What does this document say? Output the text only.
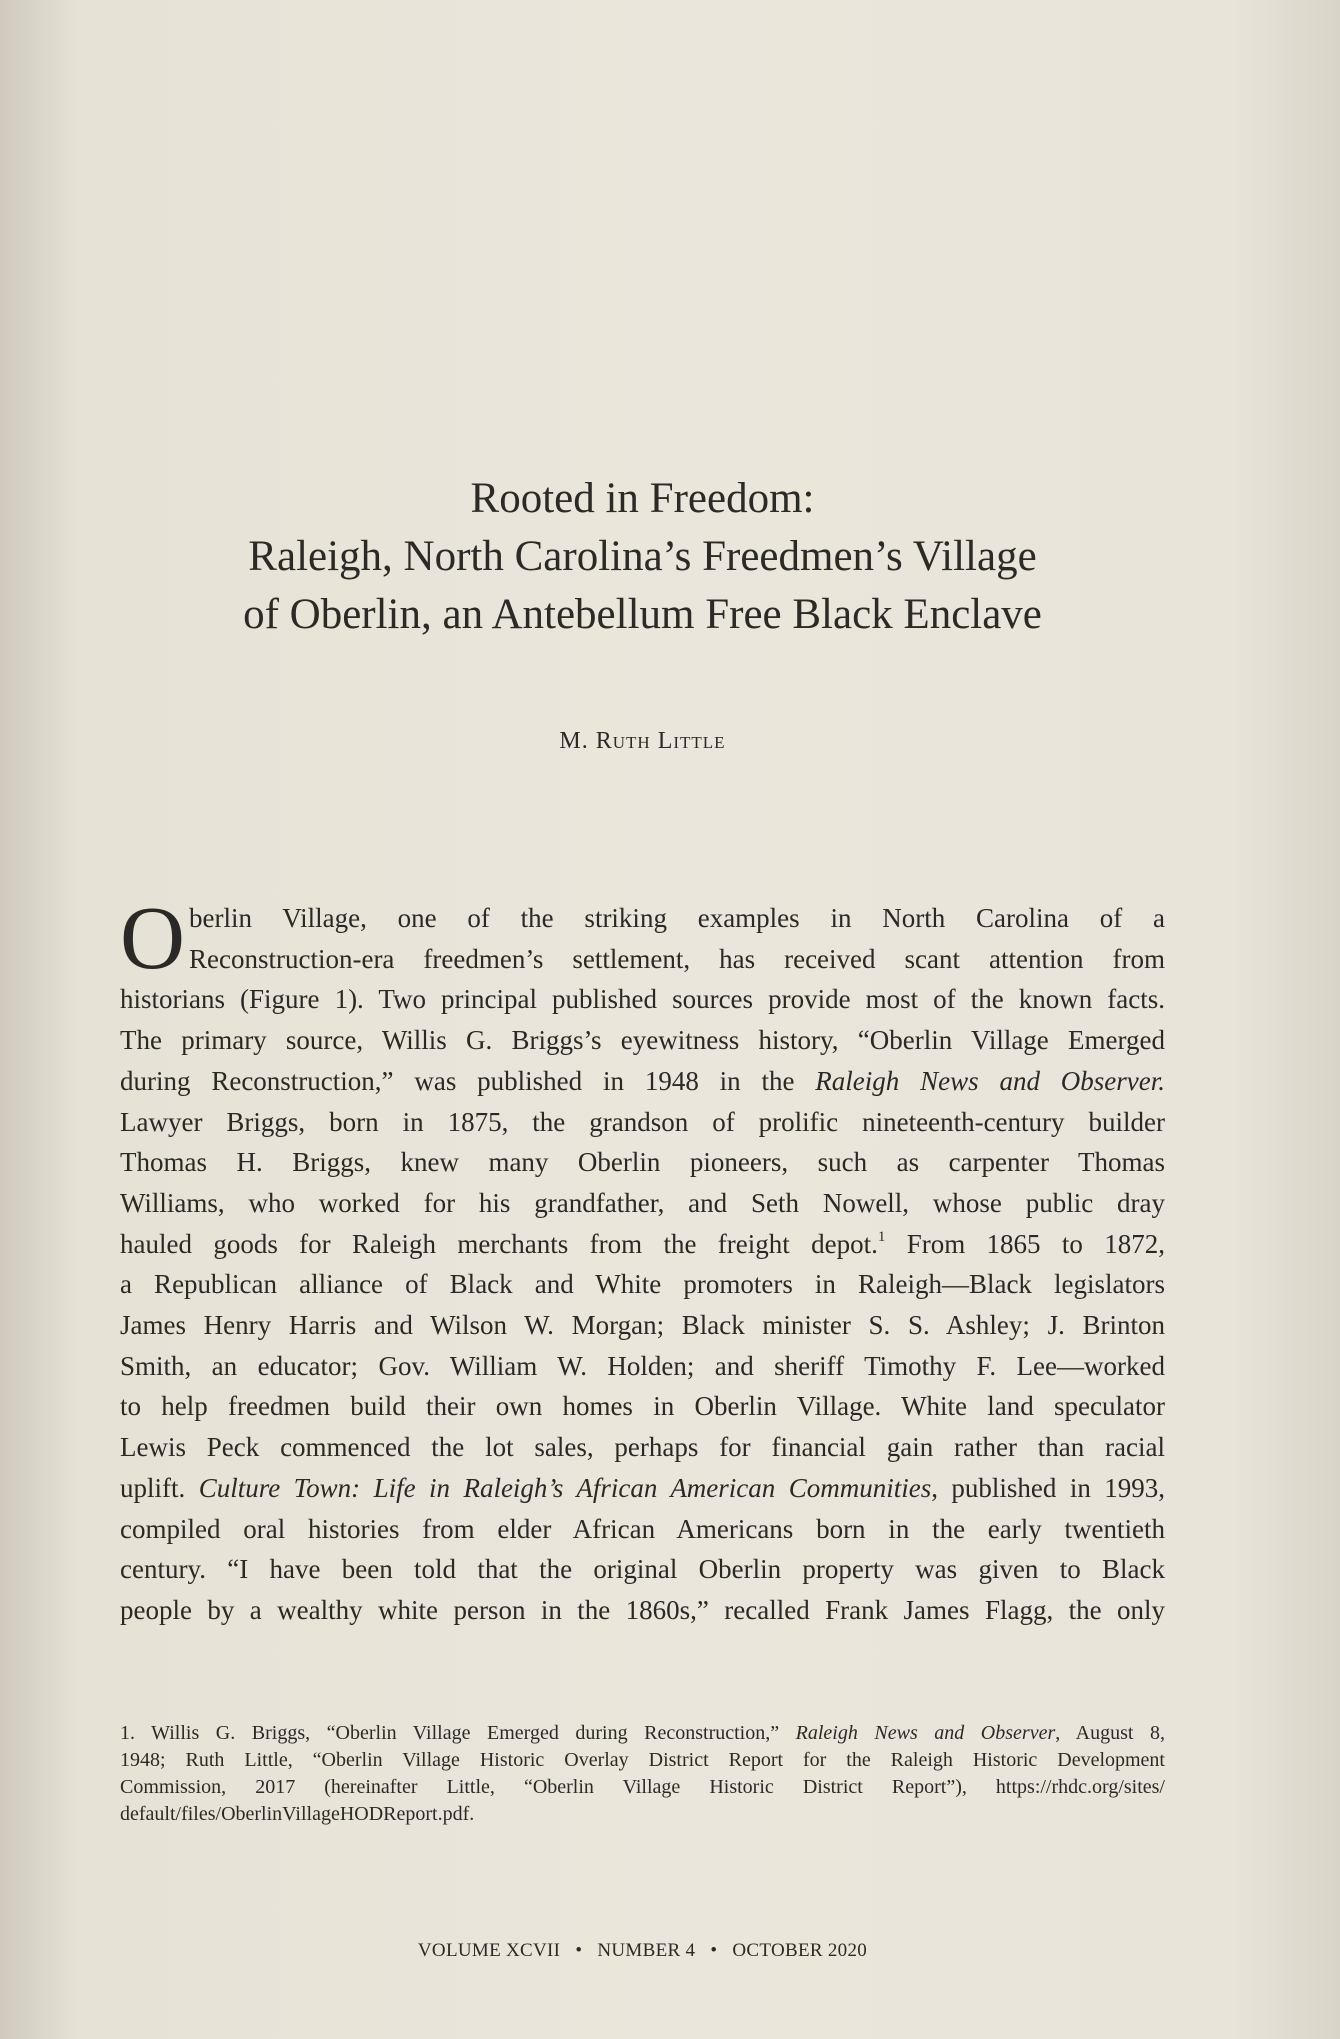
Rooted in Freedom:
Raleigh, North Carolina’s Freedmen’s Village
of Oberlin, an Antebellum Free Black Enclave
M. Ruth Little
O berlin Village, one of the striking examples in North Carolina of a
Reconstruction-era freedmen’s settlement, has received scant attention from
historians (Figure 1). Two principal published sources provide most of the known facts.
The primary source, Willis G. Briggs’s eyewitness history, “Oberlin Village Emerged
during Reconstruction,” was published in 1948 in the Raleigh News and Observer.
Lawyer Briggs, born in 1875, the grandson of prolific nineteenth-century builder
Thomas H. Briggs, knew many Oberlin pioneers, such as carpenter Thomas
Williams, who worked for his grandfather, and Seth Nowell, whose public dray
hauled goods for Raleigh merchants from the freight depot.$^1$ From 1865 to 1872,
a Republican alliance of Black and White promoters in Raleigh—Black legislators
James Henry Harris and Wilson W. Morgan; Black minister S. S. Ashley; J. Brinton
Smith, an educator; Gov. William W. Holden; and sheriff Timothy F. Lee—worked
to help freedmen build their own homes in Oberlin Village. White land speculator
Lewis Peck commenced the lot sales, perhaps for financial gain rather than racial
uplift. Culture Town: Life in Raleigh’s African American Communities, published in 1993,
compiled oral histories from elder African Americans born in the early twentieth
century. “I have been told that the original Oberlin property was given to Black
people by a wealthy white person in the 1860s,” recalled Frank James Flagg, the only
1. Willis G. Briggs, “Oberlin Village Emerged during Reconstruction,” Raleigh News and Observer, August 8,
1948; Ruth Little, “Oberlin Village Historic Overlay District Report for the Raleigh Historic Development
Commission, 2017 (hereinafter Little, “Oberlin Village Historic District Report”), https://rhdc.org/sites/
default/files/OberlinVillageHODReport.pdf.
VOLUME XCVII • NUMBER 4 • OCTOBER 2020
